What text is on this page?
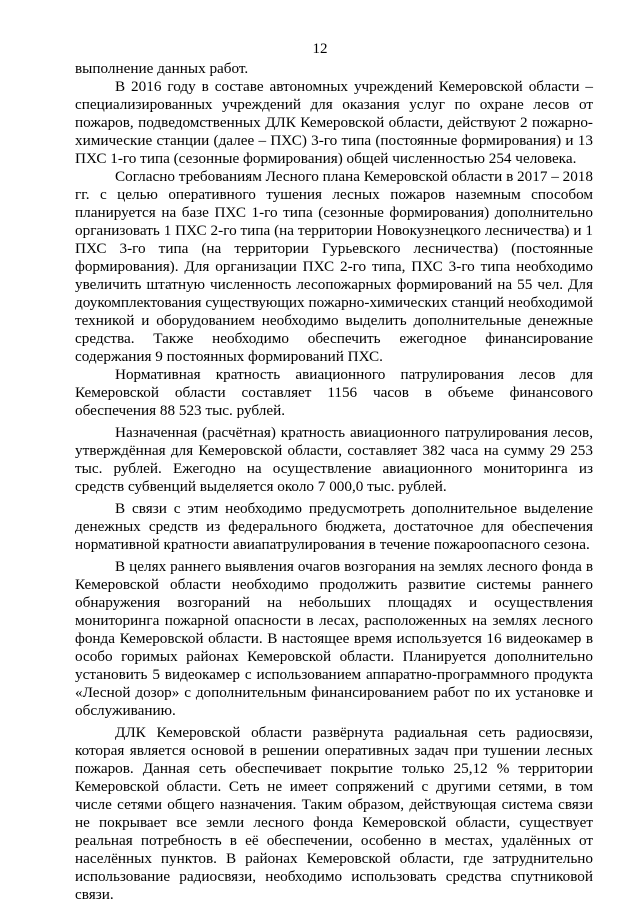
12

выполнение данных работ.

В 2016 году в составе автономных учреждений Кемеровской области – специализированных учреждений для оказания услуг по охране лесов от пожаров, подведомственных ДЛК Кемеровской области, действуют 2 пожарно-химические станции (далее – ПХС) 3-го типа (постоянные формирования) и 13 ПХС 1-го типа (сезонные формирования) общей численностью 254 человека.

Согласно требованиям Лесного плана Кемеровской области в 2017 – 2018 гг. с целью оперативного тушения лесных пожаров наземным способом планируется на базе ПХС 1-го типа (сезонные формирования) дополнительно организовать 1 ПХС 2-го типа (на территории Новокузнецкого лесничества) и 1 ПХС 3-го типа (на территории Гурьевского лесничества) (постоянные формирования). Для организации ПХС 2-го типа, ПХС 3-го типа необходимо увеличить штатную численность лесопожарных формирований на 55 чел. Для доукомплектования существующих пожарно-химических станций необходимой техникой и оборудованием необходимо выделить дополнительные денежные средства. Также необходимо обеспечить ежегодное финансирование содержания 9 постоянных формирований ПХС.

Нормативная кратность авиационного патрулирования лесов для Кемеровской области составляет 1156 часов в объеме финансового обеспечения 88 523 тыс. рублей.

Назначенная (расчётная) кратность авиационного патрулирования лесов, утверждённая для Кемеровской области, составляет 382 часа на сумму 29 253 тыс. рублей. Ежегодно на осуществление авиационного мониторинга из средств субвенций выделяется около 7 000,0 тыс. рублей.

В связи с этим необходимо предусмотреть дополнительное выделение денежных средств из федерального бюджета, достаточное для обеспечения нормативной кратности авиапатрулирования в течение пожароопасного сезона.

В целях раннего выявления очагов возгорания на землях лесного фонда в Кемеровской области необходимо продолжить развитие системы раннего обнаружения возгораний на небольших площадях и осуществления мониторинга пожарной опасности в лесах, расположенных на землях лесного фонда Кемеровской области. В настоящее время используется 16 видеокамер в особо горимых районах Кемеровской области. Планируется дополнительно установить 5 видеокамер с использованием аппаратно-программного продукта «Лесной дозор» с дополнительным финансированием работ по их установке и обслуживанию.

ДЛК Кемеровской области развёрнута радиальная сеть радиосвязи, которая является основой в решении оперативных задач при тушении лесных пожаров. Данная сеть обеспечивает покрытие только 25,12 % территории Кемеровской области. Сеть не имеет сопряжений с другими сетями, в том числе сетями общего назначения. Таким образом, действующая система связи не покрывает все земли лесного фонда Кемеровской области, существует реальная потребность в её обеспечении, особенно в местах, удалённых от населённых пунктов. В районах Кемеровской области, где затруднительно использование радиосвязи, необходимо использовать средства спутниковой связи.
